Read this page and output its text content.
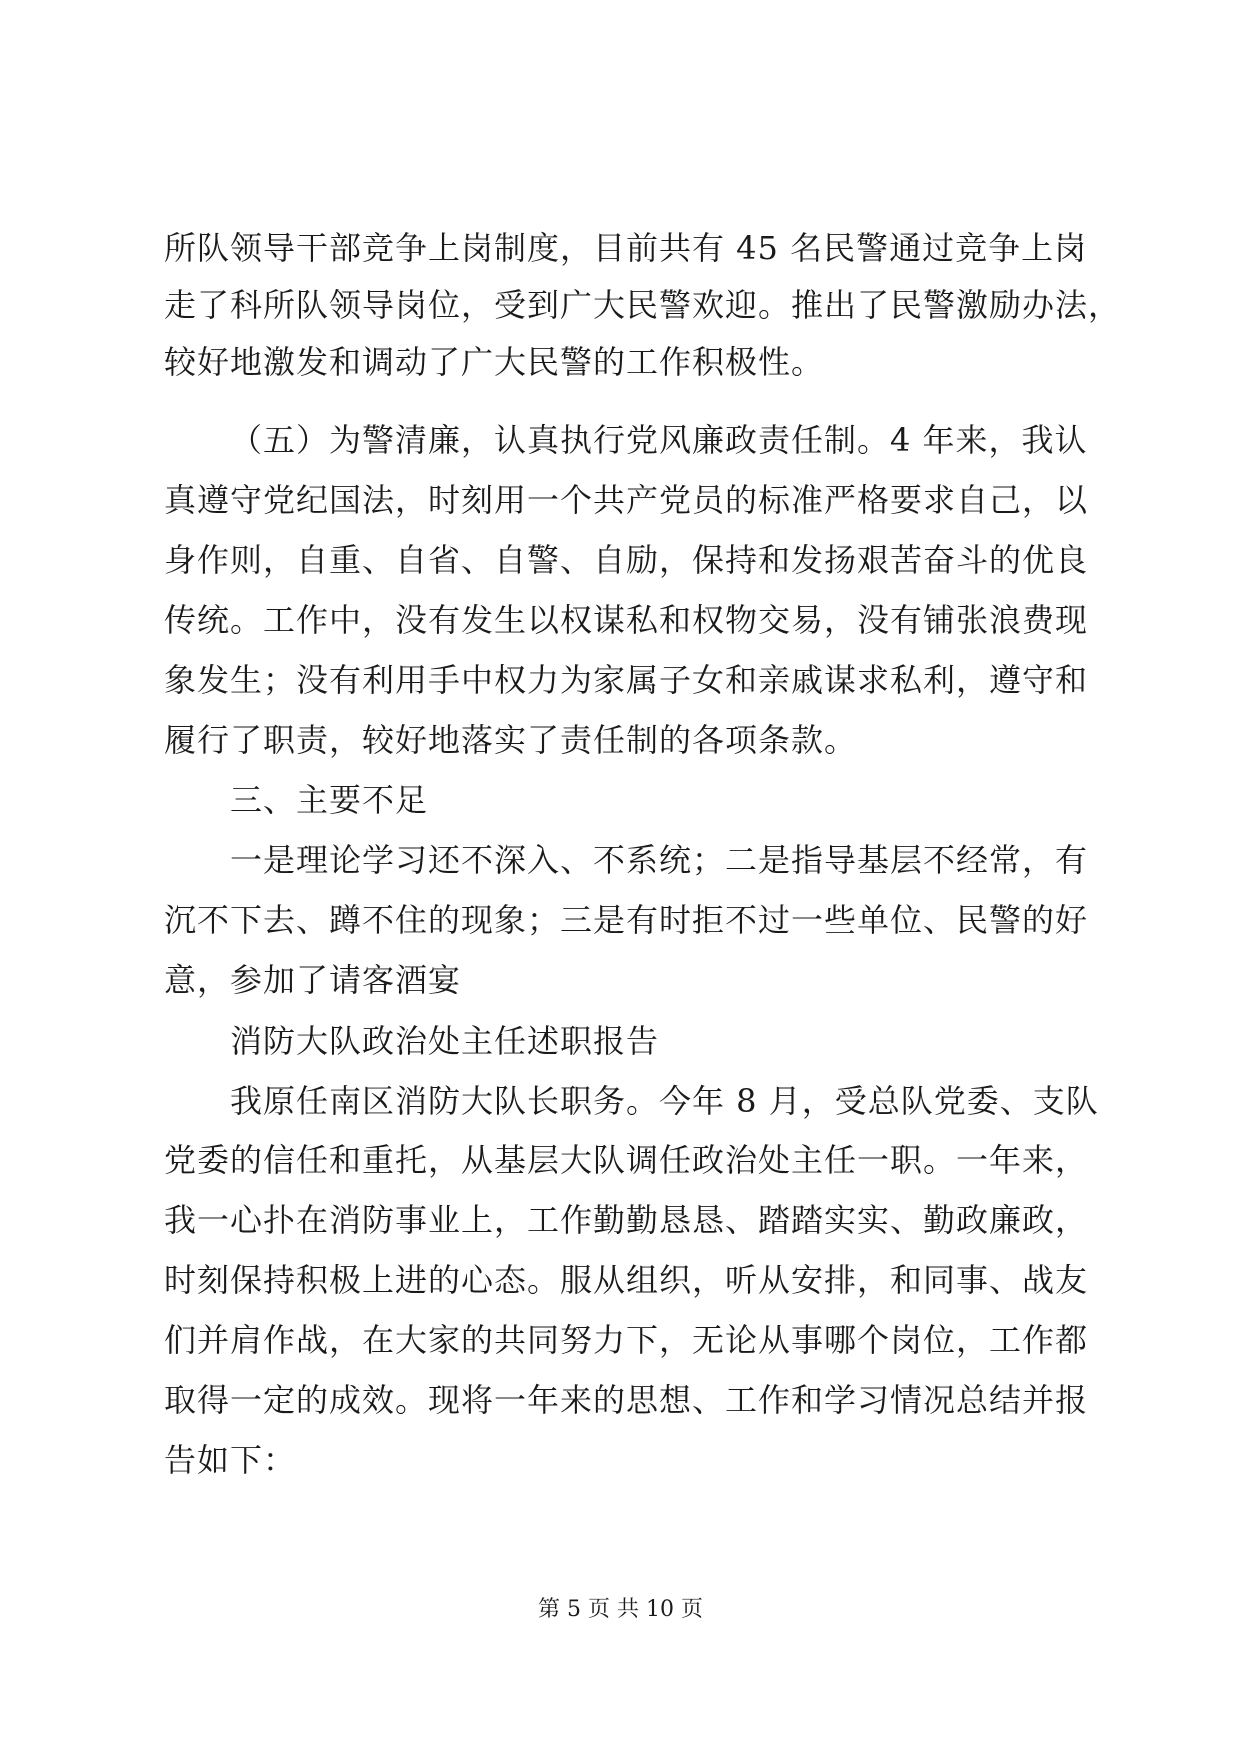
所队领导干部竞争上岗制度，目前共有 45 名民警通过竞争上岗
走了科所队领导岗位，受到广大民警欢迎。推出了民警激励办法，
较好地激发和调动了广大民警的工作积极性。
（五）为警清廉，认真执行党风廉政责任制。4 年来，我认
真遵守党纪国法，时刻用一个共产党员的标准严格要求自己，以
身作则，自重、自省、自警、自励，保持和发扬艰苦奋斗的优良
传统。工作中，没有发生以权谋私和权物交易，没有铺张浪费现
象发生；没有利用手中权力为家属子女和亲戚谋求私利，遵守和
履行了职责，较好地落实了责任制的各项条款。
三、主要不足
一是理论学习还不深入、不系统；二是指导基层不经常，有
沉不下去、蹲不住的现象；三是有时拒不过一些单位、民警的好
意，参加了请客酒宴
消防大队政治处主任述职报告
我原任南区消防大队长职务。今年 8 月，受总队党委、支队
党委的信任和重托，从基层大队调任政治处主任一职。一年来，
我一心扑在消防事业上，工作勤勤恳恳、踏踏实实、勤政廉政，
时刻保持积极上进的心态。服从组织，听从安排，和同事、战友
们并肩作战，在大家的共同努力下，无论从事哪个岗位，工作都
取得一定的成效。现将一年来的思想、工作和学习情况总结并报
告如下：
第 5 页 共 10 页
